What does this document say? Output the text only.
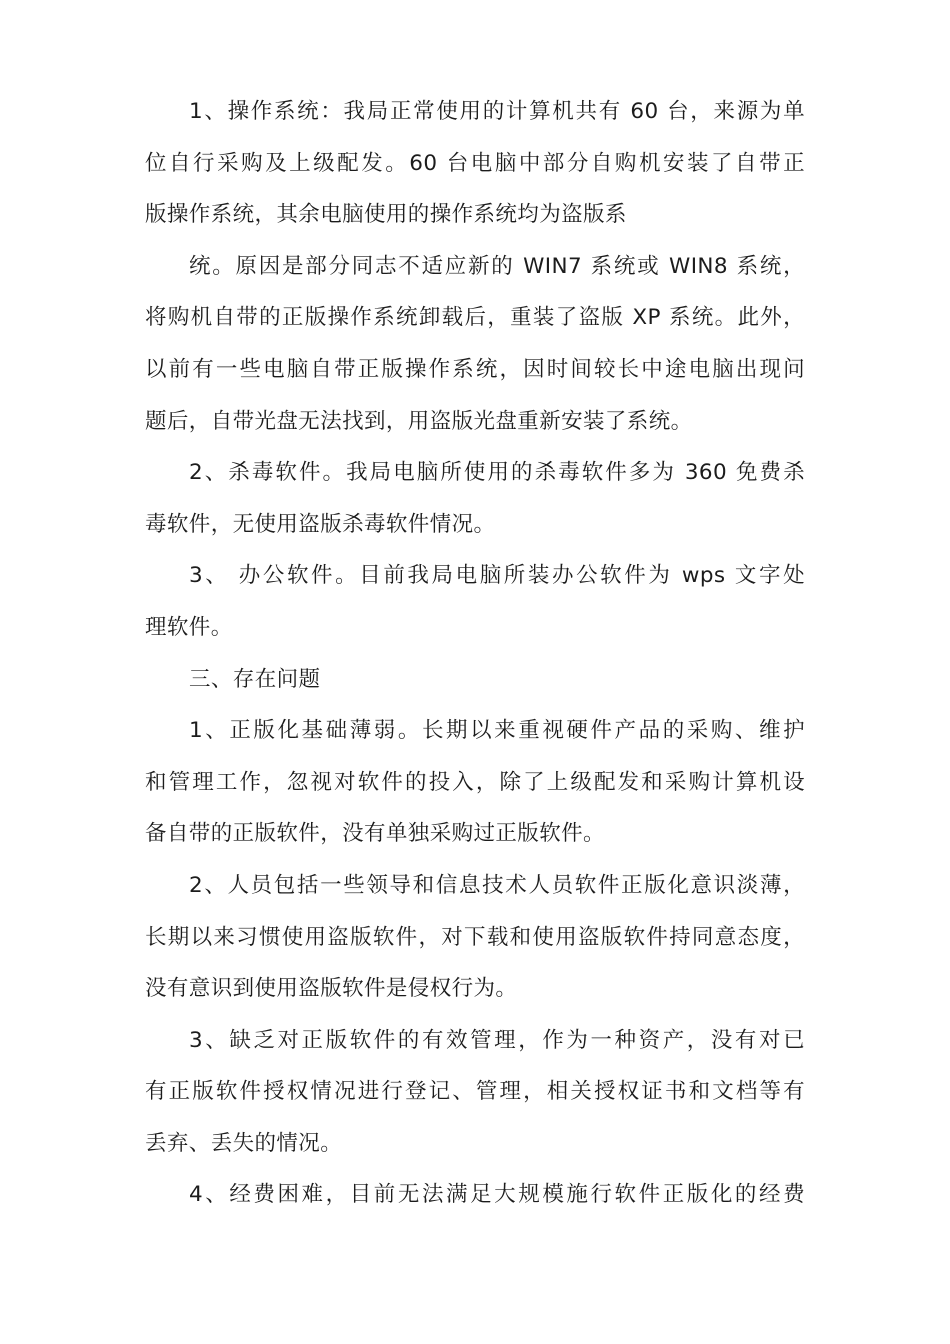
1、操作系统：我局正常使用的计算机共有 60 台，来源为单
位自行采购及上级配发。60 台电脑中部分自购机安装了自带正
版操作系统，其余电脑使用的操作系统均为盗版系
统。原因是部分同志不适应新的 WIN7 系统或 WIN8 系统，
将购机自带的正版操作系统卸载后，重装了盗版 XP 系统。此外，
以前有一些电脑自带正版操作系统，因时间较长中途电脑出现问
题后，自带光盘无法找到，用盗版光盘重新安装了系统。
2、杀毒软件。我局电脑所使用的杀毒软件多为 360 免费杀
毒软件，无使用盗版杀毒软件情况。
3、 办公软件。目前我局电脑所装办公软件为 wps 文字处
理软件。
三、存在问题
1、正版化基础薄弱。长期以来重视硬件产品的采购、维护
和管理工作，忽视对软件的投入，除了上级配发和采购计算机设
备自带的正版软件，没有单独采购过正版软件。
2、人员包括一些领导和信息技术人员软件正版化意识淡薄，
长期以来习惯使用盗版软件，对下载和使用盗版软件持同意态度，
没有意识到使用盗版软件是侵权行为。
3、缺乏对正版软件的有效管理，作为一种资产，没有对已
有正版软件授权情况进行登记、管理，相关授权证书和文档等有
丢弃、丢失的情况。
4、经费困难，目前无法满足大规模施行软件正版化的经费
